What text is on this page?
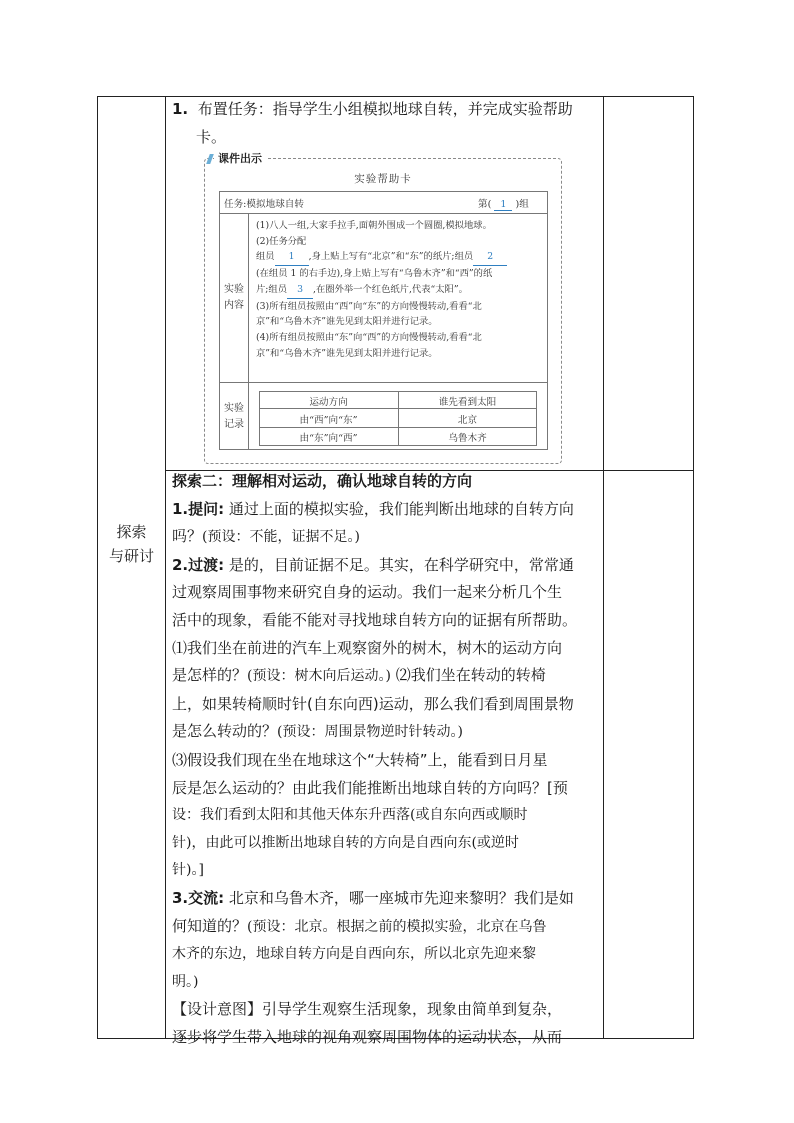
探索
与研讨
1. 布置任务：指导学生小组模拟地球自转，并完成实验帮助
卡。
课件出示
实验帮助卡
任务:模拟地球自转	第( 1 )组
实验
内容
(1)八人一组,大家手拉手,面朝外围成一个圆圈,模拟地球。
(2)任务分配
组员 1 ,身上贴上写有“北京”和“东”的纸片;组员 2
(在组员 1 的右手边),身上贴上写有“乌鲁木齐”和“西”的纸
片;组员 3 ,在圈外举一个红色纸片,代表“太阳”。
(3)所有组员按照由“西”向“东”的方向慢慢转动,看看“北
京”和“乌鲁木齐”谁先见到太阳并进行记录。
(4)所有组员按照由“东”向“西”的方向慢慢转动,看看“北
京”和“乌鲁木齐”谁先见到太阳并进行记录。
实验
记录
运动方向	谁先看到太阳
由“西”向“东”	北京
由“东”向“西”	乌鲁木齐

探索二：理解相对运动，确认地球自转的方向

1.提问: 通过上面的模拟实验，我们能判断出地球的自转方向

吗？(预设：不能，证据不足。)

2.过渡: 是的，目前证据不足。其实，在科学研究中，常常通

过观察周围事物来研究自身的运动。我们一起来分析几个生

活中的现象，看能不能对寻找地球自转方向的证据有所帮助。

⑴我们坐在前进的汽车上观察窗外的树木，树木的运动方向

是怎样的？(预设：树木向后运动。) ⑵我们坐在转动的转椅

上，如果转椅顺时针(自东向西)运动，那么我们看到周围景物

是怎么转动的？(预设：周围景物逆时针转动。)

⑶假设我们现在坐在地球这个“大转椅”上，能看到日月星

辰是怎么运动的？由此我们能推断出地球自转的方向吗？[预

设：我们看到太阳和其他天体东升西落(或自东向西或顺时

针)，由此可以推断出地球自转的方向是自西向东(或逆时

针)。]

3.交流: 北京和乌鲁木齐，哪一座城市先迎来黎明？我们是如

何知道的？(预设：北京。根据之前的模拟实验，北京在乌鲁

木齐的东边，地球自转方向是自西向东，所以北京先迎来黎

明。)

【设计意图】引导学生观察生活现象，现象由简单到复杂，

逐步将学生带入地球的视角观察周围物体的运动状态，从而
